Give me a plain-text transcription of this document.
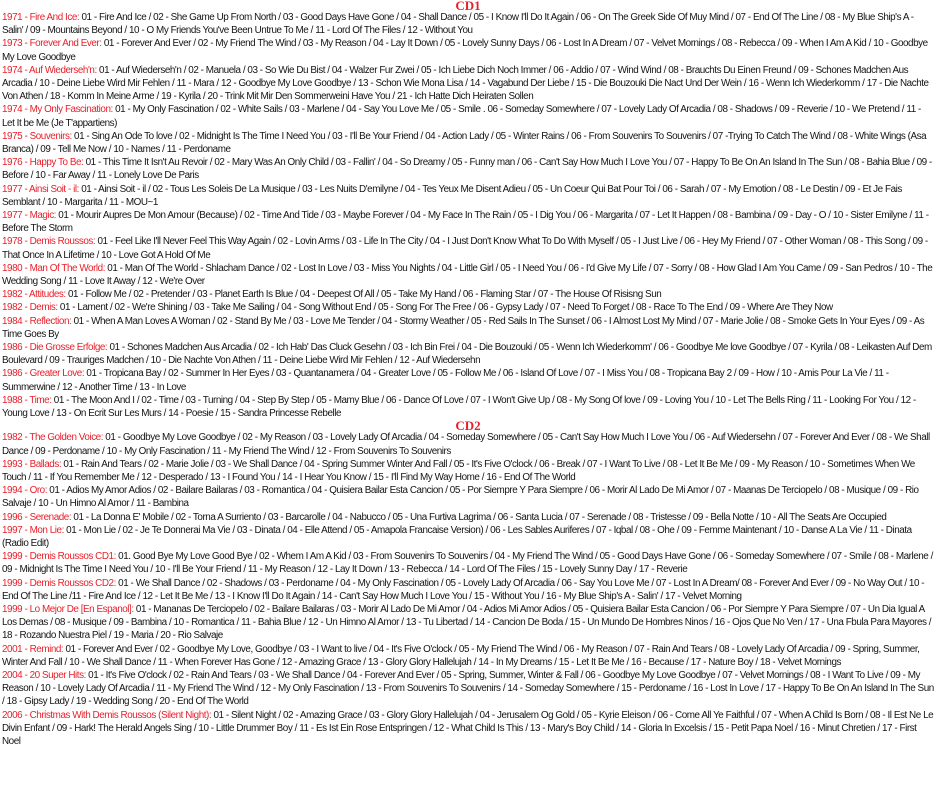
CD1

1971 - Fire And Ice: 01 - Fire And Ice / 02 - She Game Up From North / 03 - Good Days Have Gone / 04 - Shall Dance / 05 - I Know I'll Do It Again / 06 - On The Greek Side Of Muy Mind / 07 - End Of The Line / 08 - My Blue Ship's A - Salin' / 09 - Mountains Beyond / 10 - O My Friends You've Been Untrue To Me / 11 - Lord Of The Files / 12 - Without You

1973 - Forever And Ever: 01 - Forever And Ever / 02 - My Friend The Wind / 03 - My Reason / 04 - Lay It Down / 05 - Lovely Sunny Days / 06 - Lost In A Dream / 07 - Velvet Mornings / 08 - Rebecca / 09 - When I Am A Kid / 10 - Goodbye My Love Goodbye

1974 - Auf Wiederseh'n: 01 - Auf Wiederseh'n / 02 - Manuela / 03 - So Wie Du Bist / 04 - Walzer Fur Zwei / 05 - Ich Liebe Dich Noch Immer / 06 - Addio / 07 - Wind Wind / 08 - Brauchts Du Einen Freund / 09 - Schones Madchen Aus Arcadia / 10 - Deine Liebe Wird Mir Fehlen / 11 - Mara / 12 - Goodbye My Love Goodbye / 13 - Schon Wie Mona Lisa / 14 - Vagabund Der Liebe / 15 - Die Bouzouki Die Nact Und Der Wein / 16 - Wenn Ich Wiederkomm / 17 - Die Nachte Von Athen / 18 - Komm In Meine Arme / 19 - Kyrila / 20 - Trink Mit Mir Den Sommerweini Have You / 21 - Ich Hatte Dich Heiraten Sollen

1974 - My Only Fascination: 01 - My Only Fascination / 02 - White Sails / 03 - Marlene / 04 - Say You Love Me / 05 - Smile . 06 - Someday Somewhere / 07 - Lovely Lady Of Arcadia / 08 - Shadows / 09 - Reverie / 10 - We Pretend / 11 - Let It be Me (Je T'appartiens)

1975 - Souvenirs: 01 - Sing An Ode To love / 02 - Midnight Is The Time I Need You / 03 - I'll Be Your Friend / 04 - Action Lady / 05 - Winter Rains / 06 - From Souvenirs To Souvenirs / 07 -Trying To Catch The Wind / 08 - White Wings (Asa Branca) / 09 - Tell Me Now / 10 - Names / 11 - Perdoname

1976 - Happy To Be: 01 - This Time It Isn't Au Revoir / 02 - Mary Was An Only Child / 03 - Fallin' / 04 - So Dreamy / 05 - Funny man / 06 - Can't Say How Much I Love You / 07 - Happy To Be On An Island In The Sun / 08 - Bahia Blue / 09 - Before / 10 - Far Away / 11 - Lonely Love De Paris

1977 - Ainsi Soit - il: 01 - Ainsi Soit - il / 02 - Tous Les Soleis De La Musique / 03 - Les Nuits D'emilyne / 04 - Tes Yeux Me Disent Adieu / 05 - Un Coeur Qui Bat Pour Toi / 06 - Sarah / 07 - My Emotion / 08 - Le Destin / 09 - Et Je Fais Semblant / 10 - Margarita / 11 - MOU~1

1977 - Magic: 01 - Mourir Aupres De Mon Amour (Because) / 02 - Time And Tide / 03 - Maybe Forever / 04 - My Face In The Rain / 05 - I Dig You / 06 - Margarita / 07 - Let It Happen / 08 - Bambina / 09 - Day - O / 10 - Sister Emilyne / 11 - Before The Storm

1978 - Demis Roussos: 01 - Feel Like I'll Never Feel This Way Again / 02 - Lovin Arms / 03 - Life In The City / 04 - I Just Don't Know What To Do With Myself / 05 - I Just Live / 06 - Hey My Friend / 07 - Other Woman / 08 - This Song / 09 - That Once In A Lifetime / 10 - Love Got A Hold Of Me

1980 - Man Of The World: 01 - Man Of The World - Shlacham Dance / 02 - Lost In Love / 03 - Miss You Nights / 04 - Little Girl / 05 - I Need You / 06 - I'd Give My Life / 07 - Sorry / 08 - How Glad I Am You Came / 09 - San Pedros / 10 - The Wedding Song / 11 - Love It Away / 12 - We're Over

1982 - Attitudes: 01 - Follow Me / 02 - Pretender / 03 - Planet Earth Is Blue / 04 - Deepest Of All / 05 - Take My Hand / 06 - Flaming Star / 07 - The House Of Risisng Sun

1982 - Demis: 01 - Lament / 02 - We're Shining / 03 - Take Me Sailing / 04 - Song Without End / 05 - Song For The Free / 06 - Gypsy Lady / 07 - Need To Forget / 08 - Race To The End / 09 - Where Are They Now

1984 - Reflection: 01 - When A Man Loves A Woman / 02 - Stand By Me / 03 - Love Me Tender / 04 - Stormy Weather / 05 - Red Sails In The Sunset / 06 - I Almost Lost My Mind / 07 - Marie Jolie / 08 - Smoke Gets In Your Eyes / 09 - As Time Goes By

1986 - Die Grosse Erfolge: 01 - Schones Madchen Aus Arcadia / 02 - Ich Hab' Das Cluck Gesehn / 03 - Ich Bin Frei / 04 - Die Bouzouki / 05 - Wenn Ich Wiederkomm' / 06 - Goodbye Me love Goodbye / 07 - Kyrila / 08 - Leikasten Auf Dem Boulevard / 09 - Trauriges Madchen / 10 - Die Nachte Von Athen / 11 - Deine Liebe Wird Mir Fehlen / 12 - Auf Wiedersehn

1986 - Greater Love: 01 - Tropicana Bay / 02 - Summer In Her Eyes / 03 - Quantanamera / 04 - Greater Love / 05 - Follow Me / 06 - Island Of Love / 07 - I Miss You / 08 - Tropicana Bay 2 / 09 - How / 10 - Amis Pour La Vie / 11 - Summerwine / 12 - Another Time / 13 - In Love

1988 - Time: 01 - The Moon And I / 02 - Time / 03 - Turning / 04 - Step By Step / 05 - Mamy Blue / 06 - Dance Of Love / 07 - I Won't Give Up / 08 - My Song Of love / 09 - Loving You / 10 - Let The Bells Ring / 11 - Looking For You / 12 - Young Love / 13 - On Ecrit Sur Les Murs / 14 - Poesie / 15 - Sandra Princesse Rebelle

CD2

1982 - The Golden Voice: 01 - Goodbye My Love Goodbye / 02 - My Reason / 03 - Lovely Lady Of Arcadia / 04 - Someday Somewhere / 05 - Can't Say How Much I Love You / 06 - Auf Wiedersehn / 07 - Forever And Ever / 08 - We Shall Dance / 09 - Perdoname / 10 - My Only Fascination / 11 - My Friend The Wind / 12 - From Souvenirs To Souvenirs

1993 - Ballads: 01 - Rain And Tears / 02 - Marie Jolie / 03 - We Shall Dance / 04 - Spring Summer Winter And Fall / 05 - It's Five O'clock / 06 - Break / 07 - I Want To Live / 08 - Let It Be Me / 09 - My Reason / 10 - Sometimes When We Touch / 11 - If You Remember Me / 12 - Desperado / 13 - I Found You / 14 - I Hear You Know / 15 - I'll Find My Way Home / 16 - End Of The World

1994 - Oro: 01 - Adios My Amor Adios / 02 - Bailare Bailaras / 03 - Romantica / 04 - Quisiera Bailar Esta Cancion / 05 - Por Siempre Y Para Siempre / 06 - Morir Al Lado De Mi Amor / 07 - Maanas De Terciopelo / 08 - Musique / 09 - Rio Salvaje / 10 - Un Himno Al Amor / 11 - Bambina

1996 - Serenade: 01 - La Donna E' Mobile / 02 - Torna A Surriento / 03 - Barcarolle / 04 - Nabucco / 05 - Una Furtiva Lagrima / 06 - Santa Lucia / 07 - Serenade / 08 - Tristesse / 09 - Bella Notte / 10 - All The Seats Are Occupied

1997 - Mon Lie: 01 - Mon Lie / 02 - Je Te Donnerai Ma Vie / 03 - Dinata / 04 - Elle Attend / 05 - Amapola Francaise Version) / 06 - Les Sables Auriferes / 07 - Iqbal / 08 - Ohe / 09 - Femme Maintenant / 10 - Danse A La Vie / 11 - Dinata (Radio Edit)

1999 - Demis Roussos CD1: 01. Good Bye My Love Good Bye / 02 - Whem I Am A Kid / 03 - From Souvenirs To Souvenirs / 04 - My Friend The Wind / 05 - Good Days Have Gone / 06 - Someday Somewhere / 07 - Smile / 08 - Marlene / 09 - Midnight Is The Time I Need You / 10 - I'll Be Your Friend / 11 - My Reason / 12 - Lay It Down / 13 - Rebecca / 14 - Lord Of The Files / 15 - Lovely Sunny Day / 17 - Reverie

1999 - Demis Roussos CD2: 01 - We Shall Dance / 02 - Shadows / 03 - Perdoname / 04 - My Only Fascination / 05 - Lovely Lady Of Arcadia / 06 - Say You Love Me / 07 - Lost In A Dream/ 08 - Forever And Ever / 09 - No Way Out / 10 - End Of The Line /11 - Fire And Ice / 12 - Let It Be Me / 13 - I Know I'll Do It Again / 14 - Can't Say How Much I Love You / 15 - Without You / 16 - My Blue Ship's A - Salin' / 17 - Velvet Morning

1999 - Lo Mejor De [En Espanol]: 01 - Mananas De Terciopelo / 02 - Bailare Bailaras / 03 - Morir Al Lado De Mi Amor / 04 - Adios Mi Amor Adios / 05 - Quisiera Bailar Esta Cancion / 06 - Por Siempre Y Para Siempre / 07 - Un Dia Igual A Los Demas / 08 - Musique / 09 - Bambina / 10 - Romantica / 11 - Bahia Blue / 12 - Un Himno Al Amor / 13 - Tu Libertad / 14 - Cancion De Boda / 15 - Un Mundo De Hombres Ninos / 16 - Ojos Que No Ven / 17 - Una Fbula Para Mayores / 18 - Rozando Nuestra Piel / 19 - Maria / 20 - Rio Salvaje

2001 - Remind: 01 - Forever And Ever / 02 - Goodbye My Love, Goodbye / 03 - I Want to live / 04 - It's Five O'clock / 05 - My Friend The Wind / 06 - My Reason / 07 - Rain And Tears / 08 - Lovely Lady Of Arcadia / 09 - Spring, Summer, Winter And Fall / 10 - We Shall Dance / 11 - When Forever Has Gone / 12 - Amazing Grace / 13 - Glory Glory Hallelujah / 14 - In My Dreams / 15 - Let It Be Me / 16 - Because / 17 - Nature Boy / 18 - Velvet Mornings

2004 - 20 Super Hits: 01 - It's Five O'clock / 02 - Rain And Tears / 03 - We Shall Dance / 04 - Forever And Ever / 05 - Spring, Summer, Winter & Fall / 06 - Goodbye My Love Goodbye / 07 - Velvet Mornings / 08 - I Want To Live / 09 - My Reason / 10 - Lovely Lady Of Arcadia / 11 - My Friend The Wind / 12 - My Only Fascination / 13 - From Souvenirs To Souvenirs / 14 - Someday Somewhere / 15 - Perdoname / 16 - Lost In Love / 17 - Happy To Be On An Island In The Sun / 18 - Gipsy Lady / 19 - Wedding Song / 20 - End Of The World

2006 - Christmas With Demis Roussos (Silent Night): 01 - Silent Night / 02 - Amazing Grace / 03 - Glory Glory Hallelujah / 04 - Jerusalem Og Gold / 05 - Kyrie Eleison / 06 - Come All Ye Faithful / 07 - When A Child Is Born / 08 - Il Est Ne Le Divin Enfant / 09 - Hark! The Herald Angels Sing / 10 - Little Drummer Boy / 11 - Es Ist Ein Rose Entspringen / 12 - What Child Is This / 13 - Mary's Boy Child / 14 - Gloria In Excelsis / 15 - Petit Papa Noel / 16 - Minut Chretien / 17 - First Noel
